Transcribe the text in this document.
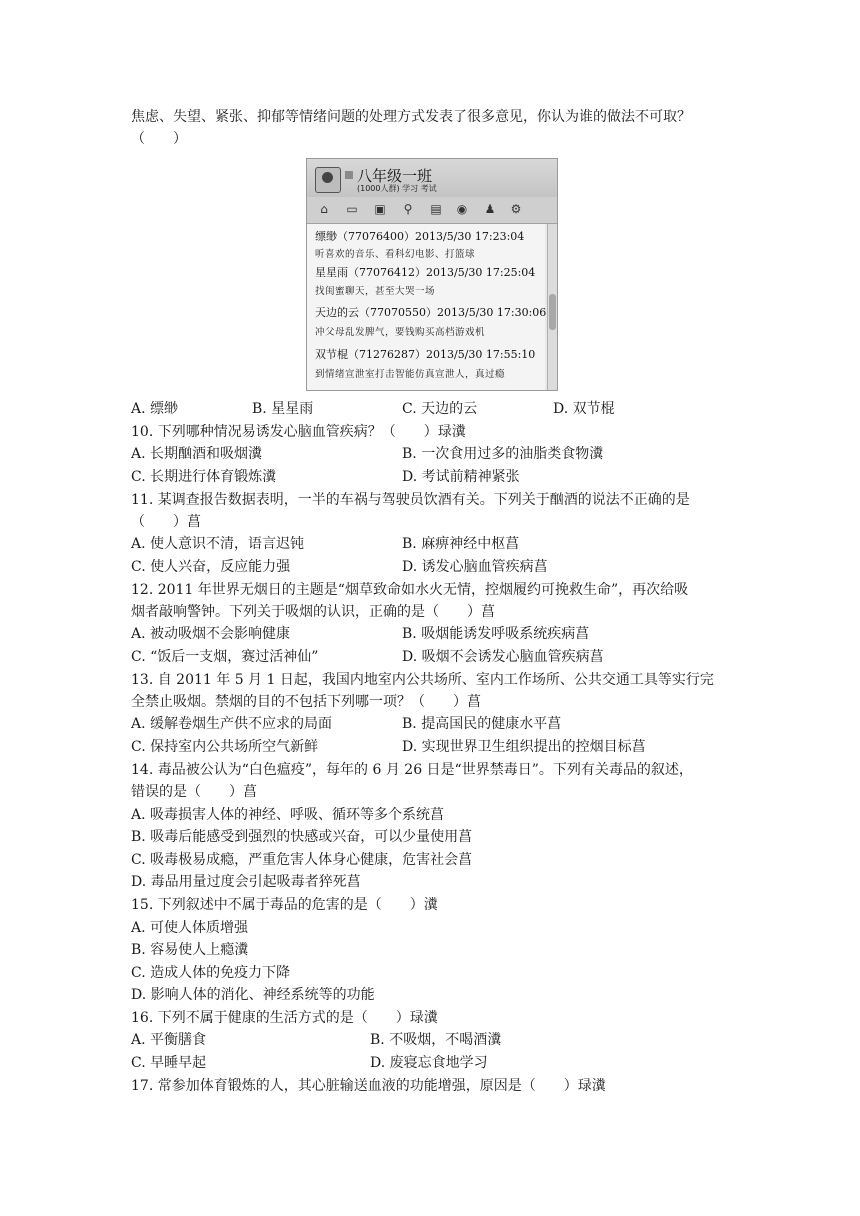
焦虑、失望、紧张、抑郁等情绪问题的处理方式发表了很多意见，你认为谁的做法不可取？
（　　）
八年级一班
(1000人群) 学习 考试
⌂ ▭ ▣ ⚲ ▤ ◉ ♟ ⚙
缥缈（77076400）2013/5/30 17:23:04
听喜欢的音乐、看科幻电影、打篮球
星星雨（77076412）2013/5/30 17:25:04
找闺蜜聊天，甚至大哭一场
天边的云（77070550）2013/5/30 17:30:06
冲父母乱发脾气，要钱购买高档游戏机
双节棍（71276287）2013/5/30 17:55:10
到情绪宣泄室打击智能仿真宣泄人，真过瘾
A. 缥缈	B. 星星雨	C. 天边的云	D. 双节棍
10. 下列哪种情况易诱发心脑血管疾病？（　　）琭瀵
A. 长期酗酒和吸烟瀵	B. 一次食用过多的油脂类食物瀵
C. 长期进行体育锻炼瀵	D. 考试前精神紧张
11. 某调查报告数据表明，一半的车祸与驾驶员饮酒有关。下列关于酗酒的说法不正确的是
（　　）菖
A. 使人意识不清，语言迟钝	B. 麻痹神经中枢菖
C. 使人兴奋，反应能力强	D. 诱发心脑血管疾病菖
12. 2011 年世界无烟日的主题是“烟草致命如水火无情，控烟履约可挽救生命”，再次给吸
烟者敲响警钟。下列关于吸烟的认识，正确的是（　　）菖
A. 被动吸烟不会影响健康	B. 吸烟能诱发呼吸系统疾病菖
C. “饭后一支烟，赛过活神仙”	D. 吸烟不会诱发心脑血管疾病菖
13. 自 2011 年 5 月 1 日起，我国内地室内公共场所、室内工作场所、公共交通工具等实行完
全禁止吸烟。禁烟的目的不包括下列哪一项？（　　）菖
A. 缓解卷烟生产供不应求的局面	B. 提高国民的健康水平菖
C. 保持室内公共场所空气新鲜	D. 实现世界卫生组织提出的控烟目标菖
14. 毒品被公认为“白色瘟疫”，每年的 6 月 26 日是“世界禁毒日”。下列有关毒品的叙述，
错误的是（　　）菖
A. 吸毒损害人体的神经、呼吸、循环等多个系统菖
B. 吸毒后能感受到强烈的快感或兴奋，可以少量使用菖
C. 吸毒极易成瘾，严重危害人体身心健康，危害社会菖
D. 毒品用量过度会引起吸毒者猝死菖
15. 下列叙述中不属于毒品的危害的是（　　）瀵
A. 可使人体质增强
B. 容易使人上瘾瀵
C. 造成人体的免疫力下降
D. 影响人体的消化、神经系统等的功能
16. 下列不属于健康的生活方式的是（　　）琭瀵
A. 平衡膳食	B. 不吸烟，不喝酒瀵
C. 早睡早起	D. 废寝忘食地学习
17. 常参加体育锻炼的人，其心脏输送血液的功能增强，原因是（　　）琭瀵
